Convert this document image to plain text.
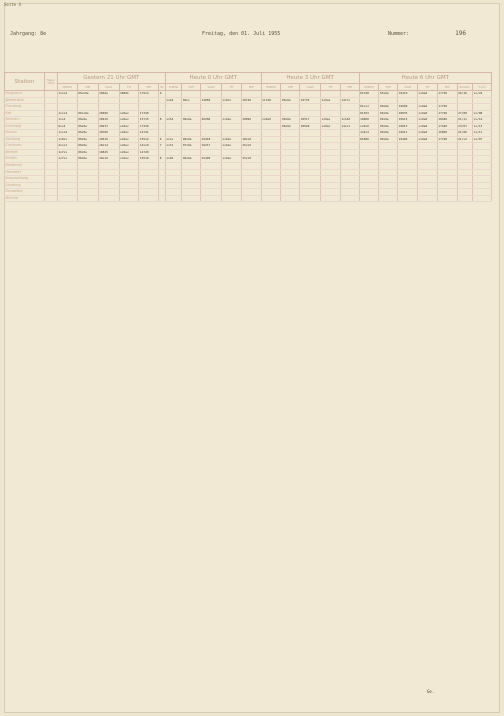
Seite 4
Jahrgang: 8e	Freitag, den 01. Juli 1955	Nummer:	196
Station	Tages-mittel	Gestern 21 Uhr GMT						Heute 0 Uhr GMT					Heute 3 Uhr GMT					Heute 6 Uhr GMT						
		N/NHW	ddff	Vwwt	TTc	PPP	Nh	N/NHW	ddff	Vwwt	TTc	PPP	N/NHW	ddff	Vwwt	TTc	PPP	N/NHW	ddff	Vwwt	TTc	PPP	Bemerk.	Tn/Tx
Helgoland		1xxx4	05xx0e	1802e	1800k	17914	0											01348	05x0e	19419	xx0e0	17740	26/16	xx/24
Westerland								xx42	00xx	14850	xx0xx	18740	11140	06x0e	19735	1x0xe	147xx							
Flensburg																		01xx1	06x0e	19609	xx0e0	17740		
Kiel		1xxx4	06xx0e	18690	xx0ex	17340												01363	06x0e	18835	xx0e0	17740	27/08	xx/08
Fehmarn		1xx4	06x0e	18910	xx0ex	15715	8	xx52	06x0e	20260	xx0ex	18090	xx0e0	06x0e	18517	xx0ex	1x140	10000	06x0e	19615	xx0e0	18440	21/11	xx/14
Schleswig		0xx4	06x0e	18231	xx0ex	17230								06x0e	18620	xx0ex	14xx1	xx0x0	06x0e	19813	xx0e0	17440	23/01	xx/13
Husum		1xxx4	06x0e	18700	xx0ex	14741												1x0x4	06x0e	19611	xx0e0	16850	21/06	xx/11
Hamburg		1x0xx	06x0e	18519	xx0ex	15512	6	xxxx	06x0e	19418	xx0ex	18xx0						01800	06x0e	19405	xx0e0	17740	21/x2	xx/07
Cuxhaven		2xxx1	06x0e	18x14	xx0ex	14xx0	7	xx31	07x0e	16217	xx0ex	15xx0												
Bremen		1x7xx	06x0e	18825	xx0ex	14720																		
Emden		1x7xx	06x0e	18x10	xx0ex	15510	8	xx20	06x0e	15409	xx0ex	15xx0												
Norderney																								
Hannover																								
Braunschweig																								
Lüneburg																								
Osnabrück																								
Münster																								
Ge.
